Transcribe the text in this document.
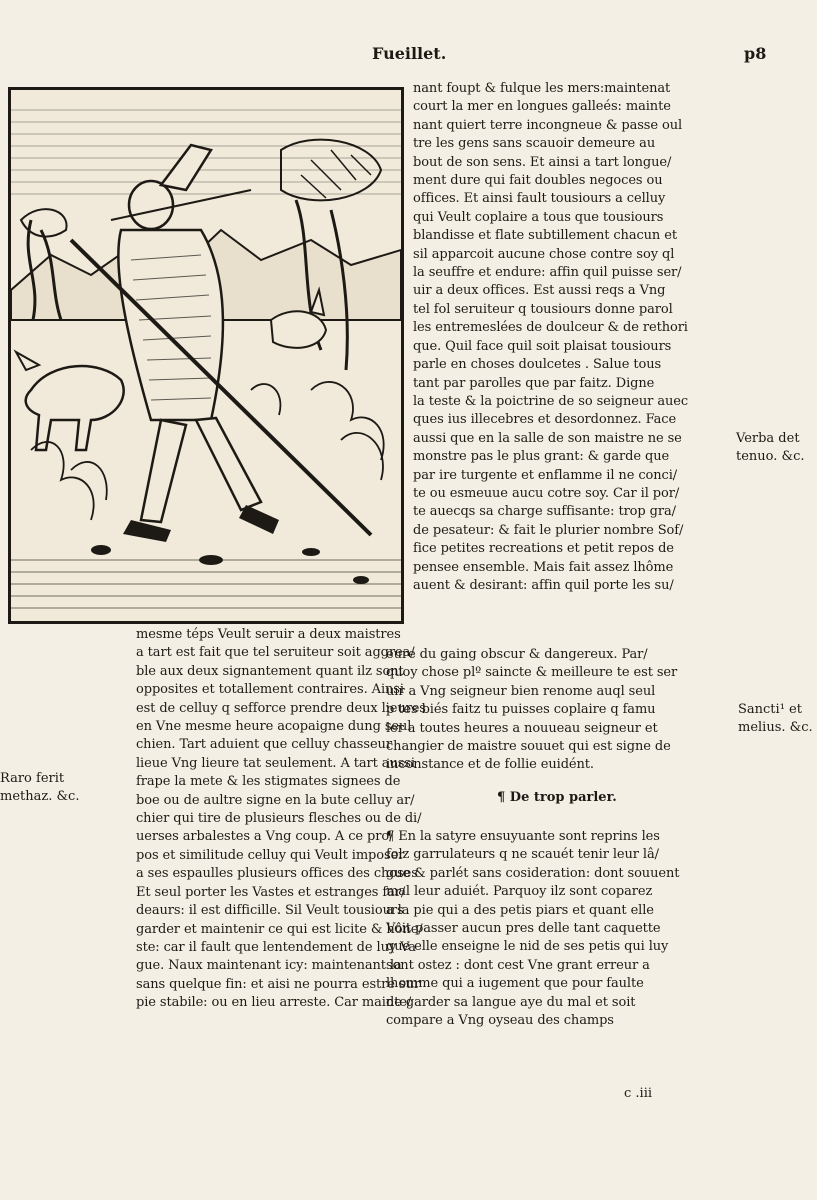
Fueillet.	p8
nant foupt & fulque les mers:maintenat
court la mer en longues galleés: mainte
nant quiert terre incongneue & passe oul
tre les gens sans scauoir demeure au
bout de son sens. Et ainsi a tart longue/
ment dure qui fait doubles negoces ou
offices. Et ainsi fault tousiours a celluy
qui Veult coplaire a tous que tousiours
blandisse et flate subtillement chacun et
sil apparcoit aucune chose contre soy ql
la seuffre et endure: affin quil puisse ser/
uir a deux offices. Est aussi reqs a Vng
tel fol seruiteur q tousiours donne parol
les entremeslées de doulceur & de rethori
que. Quil face quil soit plaisat tousiours
parle en choses doulcetes . Salue tous
tant par parolles que par faitz. Digne
la teste & la poictrine de so seigneur auec
ques ius illecebres et desordonnez. Face
aussi que en la salle de son maistre ne se
monstre pas le plus grant: & garde que
par ire turgente et enflamme il ne conci/
te ou esmeuue aucu cotre soy. Car il por/
te auecqs sa charge suffisante: trop gra/
de pesateur: & fait le plurier nombre Sof/
fice petites recreations et petit repos de
pensee ensemble. Mais fait assez lhôme
auent & desirant: affin quil porte les su/
eure du gaing obscur & dangereux. Par/
quoy chose plº saincte & meilleure te est ser
uir a Vng seigneur bien renome auql seul
p tes biés faitz tu puisses coplaire q famu
ler a toutes heures a nouueau seigneur et
changier de maistre souuet qui est signe de
inconstance et de follie euidént.
mesme téps Veult seruir a deux maistres
a tart est fait que tel seruiteur soit aggrea/
ble aux deux signantement quant ilz sont
opposites et totallement contraires. Ainsi
est de celluy q sefforce prendre deux lieures
en Vne mesme heure acopaigne dung seul
chien. Tart aduient que celluy chasseur
lieue Vng lieure tat seulement. A tart aussi
frape la mete & les stigmates signees de
boe ou de aultre signe en la bute celluy ar/
chier qui tire de plusieurs flesches ou de di/
uerses arbalestes a Vng coup. A ce pro/
pos et similitude celluy qui Veult imposer
a ses espaulles plusieurs offices des choses
Et seul porter les Vastes et estranges far/
deaurs: il est difficille. Sil Veult tousiours
garder et maintenir ce qui est licite & hône/
ste: car il fault que lentendement de luy Va
gue. Naux maintenant icy: maintenant la
sans quelque fin: et aisi ne pourra estre sur
pie stabile: ou en lieu arreste. Car mainte/
Verba det
tenuo. &c.
Sancti¹ et
melius. &c.
Raro ferit
methaz. &c.	¶ De trop parler.
¶ En la satyre ensuyuante sont reprins les
folz garrulateurs q ne scauét tenir leur lâ/
gue & parlét sans cosideration: dont souuent
mal leur aduiét. Parquoy ilz sont coparez
a la pie qui a des petis piars et quant elle
Voit passer aucun pres delle tant caquette
que elle enseigne le nid de ses petis qui luy
sont ostez : dont cest Vne grant erreur a
lhomme qui a iugement que pour faulte
de garder sa langue aye du mal et soit
compare a Vng oyseau des champs
c .iii
